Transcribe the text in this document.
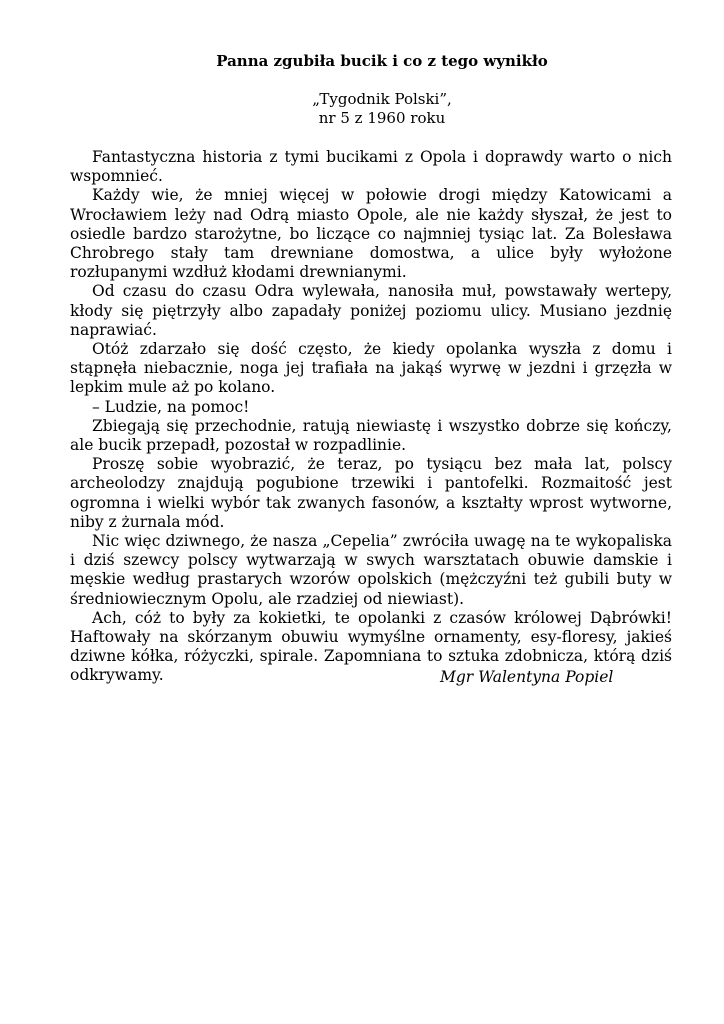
Panna zgubiła bucik i co z tego wynikło
„Tygodnik Polski”,
nr 5 z 1960 roku

Fantastyczna historia z tymi bucikami z Opola i doprawdy warto o nich wspomnieć.

Każdy wie, że mniej więcej w połowie drogi między Katowicami a Wrocławiem leży nad Odrą miasto Opole, ale nie każdy słyszał, że jest to osiedle bardzo starożytne, bo liczące co najmniej tysiąc lat. Za Bolesława Chrobrego stały tam drewniane domostwa, a ulice były wyłożone rozłupanymi wzdłuż kłodami drewnianymi.

Od czasu do czasu Odra wylewała, nanosiła muł, powstawały wertepy, kłody się piętrzyły albo zapadały poniżej poziomu ulicy. Musiano jezdnię naprawiać.

Otóż zdarzało się dość często, że kiedy opolanka wyszła z domu i stąpnęła niebacznie, noga jej trafiała na jakąś wyrwę w jezdni i grzęzła w lepkim mule aż po kolano.

– Ludzie, na pomoc!

Zbiegają się przechodnie, ratują niewiastę i wszystko dobrze się kończy, ale bucik przepadł, pozostał w rozpadlinie.

Proszę sobie wyobrazić, że teraz, po tysiącu bez mała lat, polscy archeolodzy znajdują pogubione trzewiki i pantofelki. Rozmaitość jest ogromna i wielki wybór tak zwanych fasonów, a kształty wprost wytworne, niby z żurnala mód.

Nic więc dziwnego, że nasza „Cepelia” zwróciła uwagę na te wykopaliska i dziś szewcy polscy wytwarzają w swych warsztatach obuwie damskie i męskie według prastarych wzorów opolskich (mężczyźni też gubili buty w średniowiecznym Opolu, ale rzadziej od niewiast).

Ach, cóż to były za kokietki, te opolanki z czasów królowej Dąbrówki! Haftowały na skórzanym obuwiu wymyślne ornamenty, esy-floresy, jakieś dziwne kółka, różyczki, spirale. Zapomniana to sztuka zdobnicza, którą dziś odkrywamy.	Mgr Walentyna Popiel
